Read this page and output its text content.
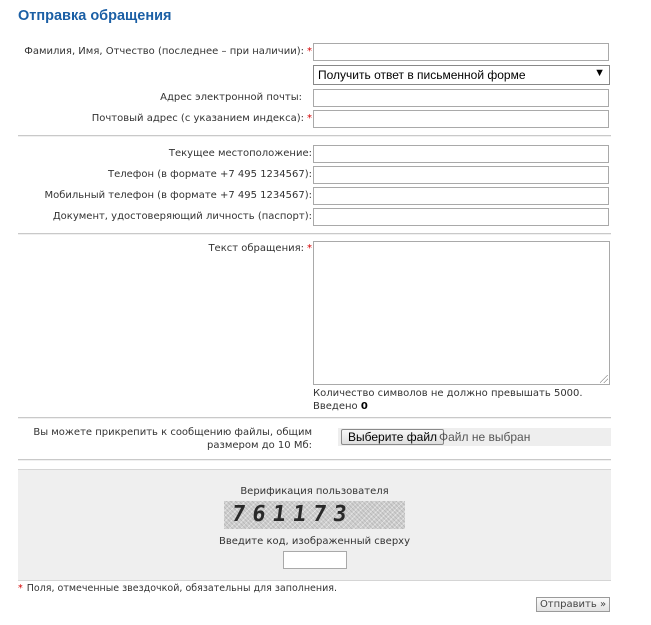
Отправка обращения
Фамилия, Имя, Отчество (последнее – при наличии): *
Получить ответ в письменной форме	▼
Адрес электронной почты:
Почтовый адрес (с указанием индекса): *
Текущее местоположение:
Телефон (в формате +7 495 1234567):
Мобильный телефон (в формате +7 495 1234567):
Документ, удостоверяющий личность (паспорт):
Текст обращения: *
Количество символов не должно превышать 5000.
Введено 0
Вы можете прикрепить к сообщению файлы, общим
размером до 10 Мб:
Выберите файл Файл не выбран
Верификация пользователя
761173
Введите код, изображенный сверху
* Поля, отмеченные звездочкой, обязательны для заполнения.
Отправить »
